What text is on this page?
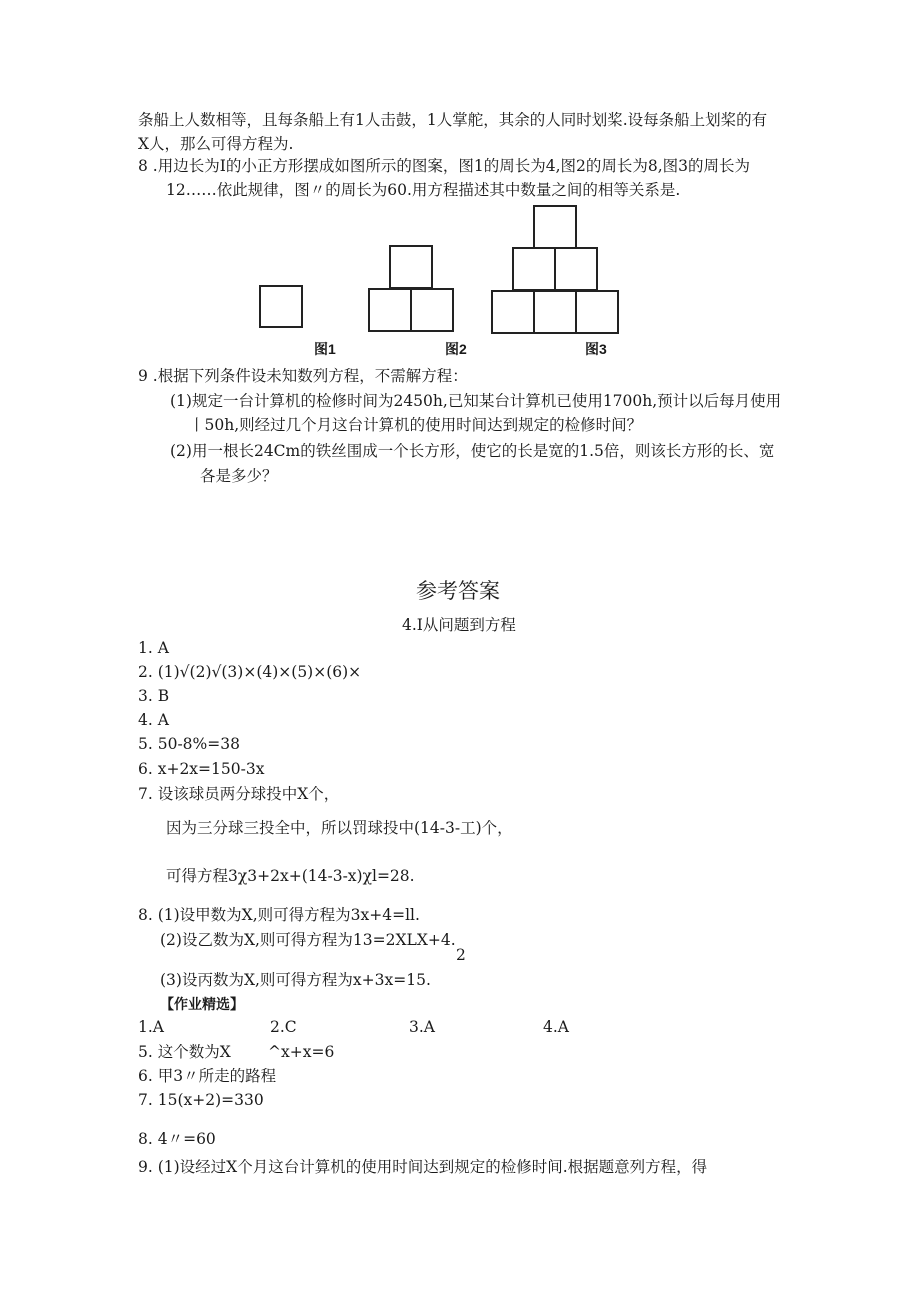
条船上人数相等，且每条船上有1人击鼓，1人掌舵，其余的人同时划桨.设每条船上划桨的有
X人，那么可得方程为.
8 .用边长为I的小正方形摆成如图所示的图案，图1的周长为4,图2的周长为8,图3的周长为
12……依此规律，图〃的周长为60.用方程描述其中数量之间的相等关系是.
图1	图2	图3
9 .根据下列条件设未知数列方程，不需解方程：
(1)规定一台计算机的检修时间为2450h,已知某台计算机已使用1700h,预计以后每月使用
丨50h,则经过几个月这台计算机的使用时间达到规定的检修时间？
(2)用一根长24Cm的铁丝围成一个长方形，使它的长是宽的1.5倍，则该长方形的长、宽
各是多少？
参考答案
4.I从问题到方程
1. A
2. (1)√(2)√(3)×(4)×(5)×(6)×
3. B
4. A
5. 50-8%=38
6. x+2x=150-3x
7. 设该球员两分球投中X个，
因为三分球三投全中，所以罚球投中(14-3-工)个，
可得方程3χ3+2x+(14-3-x)χl=28.
8. (1)设甲数为X,则可得方程为3x+4=ll.
(2)设乙数为X,则可得方程为13=2XLX+4.
2
(3)设丙数为X,则可得方程为x+3x=15.
【作业精选】
1.A	2.C	3.A	4.A
5. 这个数为X ^x+x=6
6. 甲3〃所走的路程
7. 15(x+2)=330
8. 4〃=60
9. (1)设经过X个月这台计算机的使用时间达到规定的检修时间.根据题意列方程，得
